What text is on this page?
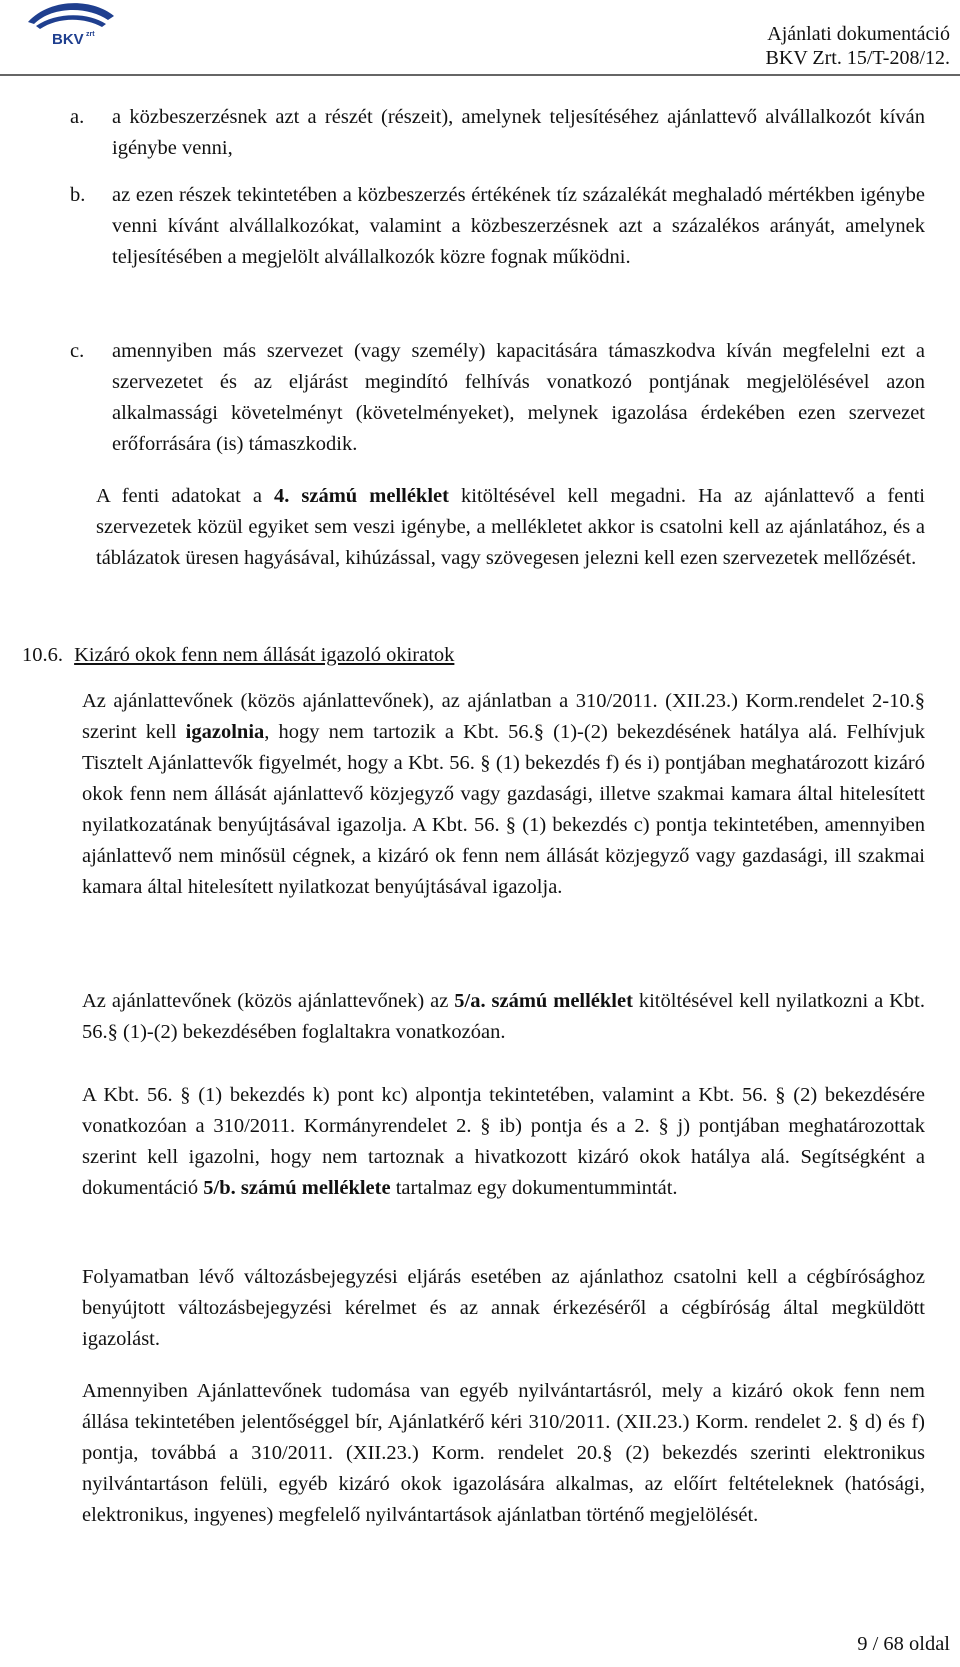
BKV zrt	Ajánlati dokumentáció
BKV Zrt. 15/T-208/12.

a. a közbeszerzésnek azt a részét (részeit), amelynek teljesítéséhez ajánlattevő alvállalkozót kíván igénybe venni,

b. az ezen részek tekintetében a közbeszerzés értékének tíz százalékát meghaladó mértékben igénybe venni kívánt alvállalkozókat, valamint a közbeszerzésnek azt a százalékos arányát, amelynek teljesítésében a megjelölt alvállalkozók közre fognak működni.

c. amennyiben más szervezet (vagy személy) kapacitására támaszkodva kíván megfelelni ezt a szervezetet és az eljárást megindító felhívás vonatkozó pontjának megjelölésével azon alkalmassági követelményt (követelményeket), melynek igazolása érdekében ezen szervezet erőforrására (is) támaszkodik.

A fenti adatokat a 4. számú melléklet kitöltésével kell megadni. Ha az ajánlattevő a fenti szervezetek közül egyiket sem veszi igénybe, a mellékletet akkor is csatolni kell az ajánlatához, és a táblázatok üresen hagyásával, kihúzással, vagy szövegesen jelezni kell ezen szervezetek mellőzését.

10.6. Kizáró okok fenn nem állását igazoló okiratok

Az ajánlattevőnek (közös ajánlattevőnek), az ajánlatban a 310/2011. (XII.23.) Korm.rendelet 2-10.§ szerint kell igazolnia, hogy nem tartozik a Kbt. 56.§ (1)-(2) bekezdésének hatálya alá. Felhívjuk Tisztelt Ajánlattevők figyelmét, hogy a Kbt. 56. § (1) bekezdés f) és i) pontjában meghatározott kizáró okok fenn nem állását ajánlattevő közjegyző vagy gazdasági, illetve szakmai kamara által hitelesített nyilatkozatának benyújtásával igazolja. A Kbt. 56. § (1) bekezdés c) pontja tekintetében, amennyiben ajánlattevő nem minősül cégnek, a kizáró ok fenn nem állását közjegyző vagy gazdasági, ill szakmai kamara által hitelesített nyilatkozat benyújtásával igazolja.

Az ajánlattevőnek (közös ajánlattevőnek) az 5/a. számú melléklet kitöltésével kell nyilatkozni a Kbt. 56.§ (1)-(2) bekezdésében foglaltakra vonatkozóan.

A Kbt. 56. § (1) bekezdés k) pont kc) alpontja tekintetében, valamint a Kbt. 56. § (2) bekezdésére vonatkozóan a 310/2011. Kormányrendelet 2. § ib) pontja és a 2. § j) pontjában meghatározottak szerint kell igazolni, hogy nem tartoznak a hivatkozott kizáró okok hatálya alá. Segítségként a dokumentáció 5/b. számú melléklete tartalmaz egy dokumentummintát.

Folyamatban lévő változásbejegyzési eljárás esetében az ajánlathoz csatolni kell a cégbírósághoz benyújtott változásbejegyzési kérelmet és az annak érkezéséről a cégbíróság által megküldött igazolást.

Amennyiben Ajánlattevőnek tudomása van egyéb nyilvántartásról, mely a kizáró okok fenn nem állása tekintetében jelentőséggel bír, Ajánlatkérő kéri 310/2011. (XII.23.) Korm. rendelet 2. § d) és f) pontja, továbbá a 310/2011. (XII.23.) Korm. rendelet 20.§ (2) bekezdés szerinti elektronikus nyilvántartáson felüli, egyéb kizáró okok igazolására alkalmas, az előírt feltételeknek (hatósági, elektronikus, ingyenes) megfelelő nyilvántartások ajánlatban történő megjelölését.

9 / 68 oldal
